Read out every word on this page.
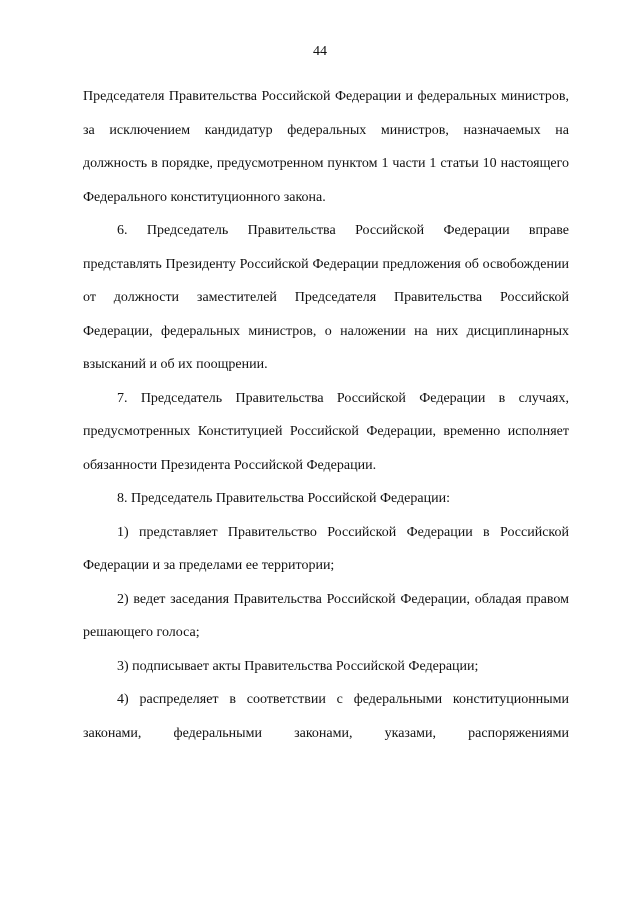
44

Председателя Правительства Российской Федерации и федеральных министров, за исключением кандидатур федеральных министров, назначаемых на должность в порядке, предусмотренном пунктом 1 части 1 статьи 10 настоящего Федерального конституционного закона.

6. Председатель Правительства Российской Федерации вправе представлять Президенту Российской Федерации предложения об освобождении от должности заместителей Председателя Правительства Российской Федерации, федеральных министров, о наложении на них дисциплинарных взысканий и об их поощрении.

7. Председатель Правительства Российской Федерации в случаях, предусмотренных Конституцией Российской Федерации, временно исполняет обязанности Президента Российской Федерации.

8. Председатель Правительства Российской Федерации:

1) представляет Правительство Российской Федерации в Российской Федерации и за пределами ее территории;

2) ведет заседания Правительства Российской Федерации, обладая правом решающего голоса;

3) подписывает акты Правительства Российской Федерации;

4) распределяет в соответствии с федеральными конституционными законами, федеральными законами, указами, распоряжениями
